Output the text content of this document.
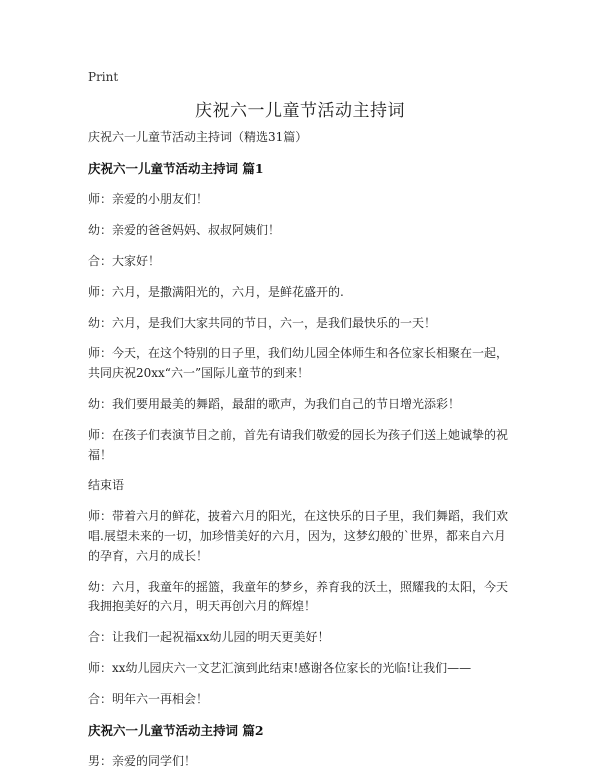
Print
庆祝六一儿童节活动主持词

庆祝六一儿童节活动主持词（精选31篇）

庆祝六一儿童节活动主持词 篇1

师：亲爱的小朋友们！

幼：亲爱的爸爸妈妈、叔叔阿姨们！

合：大家好！

师：六月，是撒满阳光的，六月，是鲜花盛开的.

幼：六月，是我们大家共同的节日，六一，是我们最快乐的一天！

师：今天，在这个特别的日子里，我们幼儿园全体师生和各位家长相聚在一起，共同庆祝20xx“六一”国际儿童节的到来！

幼：我们要用最美的舞蹈，最甜的歌声，为我们自己的节日增光添彩！

师：在孩子们表演节目之前，首先有请我们敬爱的园长为孩子们送上她诚挚的祝福！

结束语

师：带着六月的鲜花，披着六月的阳光，在这快乐的日子里，我们舞蹈，我们欢唱.展望未来的一切，加珍惜美好的六月，因为，这梦幻般的`世界，都来自六月的孕育，六月的成长！

幼：六月，我童年的摇篮，我童年的梦乡，养育我的沃土，照耀我的太阳，今天我拥抱美好的六月，明天再创六月的辉煌！

合：让我们一起祝福xx幼儿园的明天更美好！

师：xx幼儿园庆六一文艺汇演到此结束!感谢各位家长的光临!让我们——

合：明年六一再相会！

庆祝六一儿童节活动主持词 篇2

男：亲爱的同学们！
